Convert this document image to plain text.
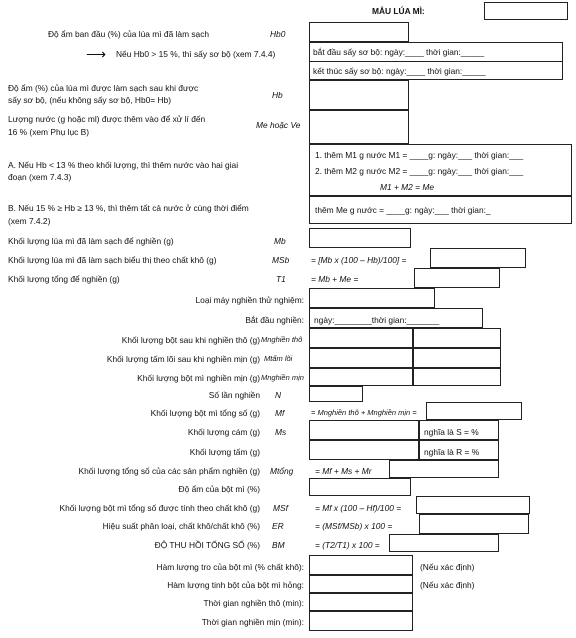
MẪU LÚA MÌ:
Độ ẩm ban đầu (%) của lúa mì đã làm sạch	Hb0
⟶ Nếu Hb0 > 15 %, thì sấy sơ bộ (xem 7.4.4)	bắt đầu sấy sơ bộ: ngày:____ thời gian:_____
kết thúc sấy sơ bộ: ngày:____ thời gian:_____
Độ ẩm (%) của lúa mì được làm sạch sau khi được
sấy sơ bộ, (nếu không sấy sơ bộ, Hb0= Hb)	Hb
Lượng nước (g hoặc ml) được thêm vào để xử lí đến
16 % (xem Phụ lục B)
Me hoặc Ve
A. Nếu Hb < 13 % theo khối lượng, thì thêm nước vào hai giai
đoạn (xem 7.4.3)
1. thêm M1 g nước M1 = ____g: ngày:___ thời gian:___
2. thêm M2 g nước M2 = ____g: ngày:___ thời gian:___
M1 + M2 = Me
B. Nếu 15 % ≥ Hb ≥ 13 %, thì thêm tất cả nước ở cùng thời điểm
(xem 7.4.2)
thêm Me g nước = ____g: ngày:___ thời gian:_
Khối lượng lúa mì đã làm sạch để nghiền (g)	Mb
Khối lượng lúa mì đã làm sạch biểu thị theo chất khô (g)	MSb	= [Mb x (100 – Hb)/100] =
Khối lượng tổng để nghiền (g)	T1	= Mb + Me =
Loại máy nghiền thử nghiệm:
Bắt đầu nghiền: ngày:________thời gian:_______
Khối lượng bột sau khi nghiền thô (g) Mnghiền thô
Khối lượng tấm lõi sau khi nghiền mịn (g) Mtấm lõi
Khối lượng bột mì nghiền mịn (g) Mnghiền mịn
Số lần nghiền N
Khối lượng bột mì tổng số (g) Mf	= Mnghiền thô + Mnghiền mịn =
Khối lượng cám (g) Ms	nghĩa là S = %
Khối lượng tấm (g)	nghĩa là R = %
Khối lượng tổng số của các sản phẩm nghiền (g) Mtổng	= Mf + Ms + Mr
Độ ẩm của bột mì (%)
Khối lượng bột mì tổng số được tính theo chất khô (g) MSf	= Mf x (100 – Hf)/100 =
Hiệu suất phân loại, chất khô/chất khô (%) ER	= (MSf/MSb) x 100 =
ĐỘ THU HỒI TỔNG SỐ (%) BM	= (T2/T1) x 100 =
Hàm lượng tro của bột mì (% chất khô):	(Nếu xác định)
Hàm lượng tinh bột của bột mì hỏng:	(Nếu xác định)
Thời gian nghiền thô (min):
Thời gian nghiền mịn (min):
